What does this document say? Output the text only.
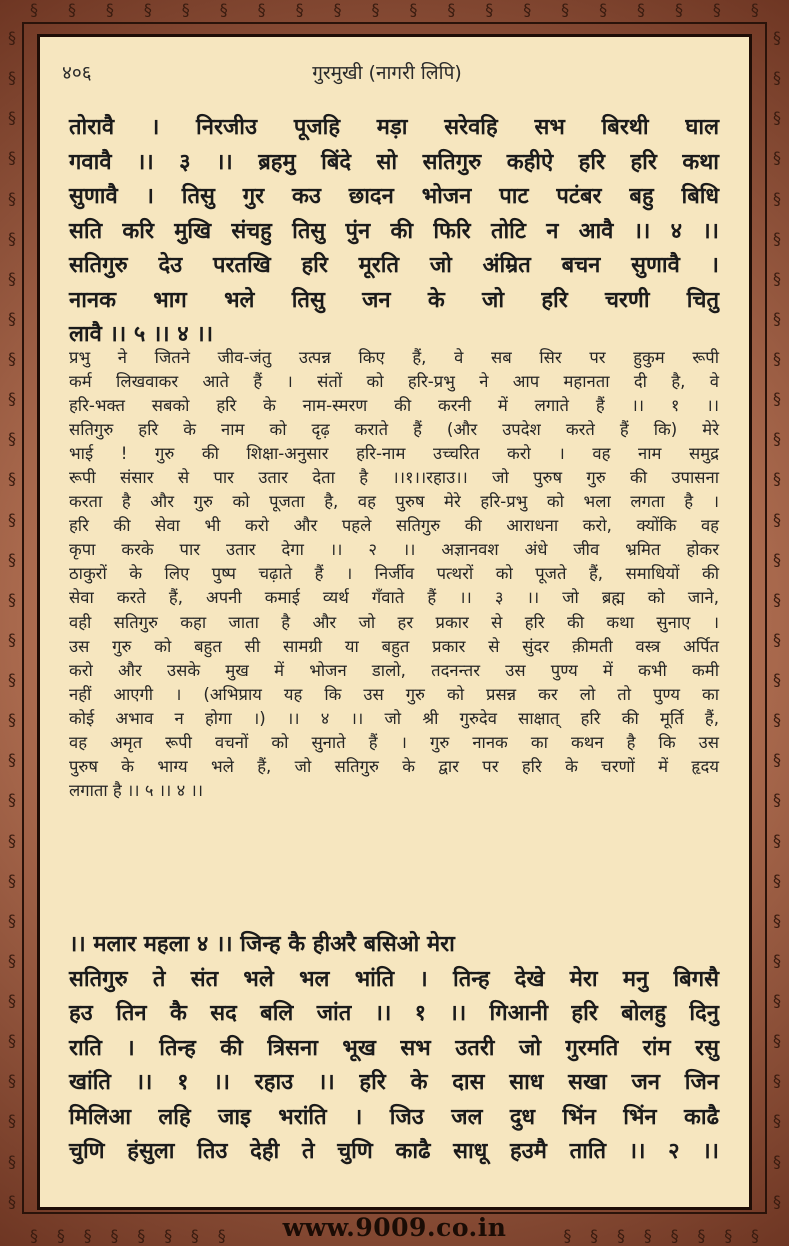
§ § § § § § § § § § § § § § § § § § § §
§
§
§
§
§
§
§
§
§
§
§
§
§
§
§
§
§
§
§
§
§
§
§
§
§
§
§
§
§
§
§
§
§
§
§
§
§
§
§
§
§
§
§
§
§
§
§
§
§
§
§
§
§
§
§
§
§
§
§
§
§ § § § § § § §	§ § § § § § § §
४०६	गुरमुखी (नागरी लिपि)
तोरावै । निरजीउ पूजहि मड़ा सरेवहि सभ बिरथी घाल
गवावै ।। ३ ।। ब्रहमु बिंदे सो सतिगुरु कहीऐ हरि हरि कथा
सुणावै । तिसु गुर कउ छादन भोजन पाट पटंबर बहु बिधि
सति करि मुखि संचहु तिसु पुंन की फिरि तोटि न आवै ।। ४ ।।
सतिगुरु देउ परतखि हरि मूरति जो अंम्रित बचन सुणावै ।
नानक भाग भले तिसु जन के जो हरि चरणी चितु
लावै ।। ५ ।। ४ ।।
प्रभु ने जितने जीव-जंतु उत्पन्न किए हैं, वे सब सिर पर हुकुम रूपी
कर्म लिखवाकर आते हैं । संतों को हरि-प्रभु ने आप महानता दी है, वे
हरि-भक्त सबको हरि के नाम-स्मरण की करनी में लगाते हैं ।। १ ।।
सतिगुरु हरि के नाम को दृढ़ कराते हैं (और उपदेश करते हैं कि) मेरे
भाई ! गुरु की शिक्षा-अनुसार हरि-नाम उच्चरित करो । वह नाम समुद्र
रूपी संसार से पार उतार देता है ।।१।।रहाउ।। जो पुरुष गुरु की उपासना
करता है और गुरु को पूजता है, वह पुरुष मेरे हरि-प्रभु को भला लगता है ।
हरि की सेवा भी करो और पहले सतिगुरु की आराधना करो, क्योंकि वह
कृपा करके पार उतार देगा ।। २ ।। अज्ञानवश अंधे जीव भ्रमित होकर
ठाकुरों के लिए पुष्प चढ़ाते हैं । निर्जीव पत्थरों को पूजते हैं, समाधियों की
सेवा करते हैं, अपनी कमाई व्यर्थ गँवाते हैं ।। ३ ।। जो ब्रह्म को जाने,
वही सतिगुरु कहा जाता है और जो हर प्रकार से हरि की कथा सुनाए ।
उस गुरु को बहुत सी सामग्री या बहुत प्रकार से सुंदर क़ीमती वस्त्र अर्पित
करो और उसके मुख में भोजन डालो, तदनन्तर उस पुण्य में कभी कमी
नहीं आएगी । (अभिप्राय यह कि उस गुरु को प्रसन्न कर लो तो पुण्य का
कोई अभाव न होगा ।) ।। ४ ।। जो श्री गुरुदेव साक्षात् हरि की मूर्ति हैं,
वह अमृत रूपी वचनों को सुनाते हैं । गुरु नानक का कथन है कि उस
पुरुष के भाग्य भले हैं, जो सतिगुरु के द्वार पर हरि के चरणों में हृदय
लगाता है ।। ५ ।। ४ ।।
।। मलार महला ४ ।। जिन्ह कै हीअरै बसिओ मेरा
सतिगुरु ते संत भले भल भांति । तिन्ह देखे मेरा मनु बिगसै
हउ तिन कै सद बलि जांत ।। १ ।। गिआनी हरि बोलहु दिनु
राति । तिन्ह की त्रिसना भूख सभ उतरी जो गुरमति रांम रसु
खांति ।। १ ।। रहाउ ।। हरि के दास साध सखा जन जिन
मिलिआ लहि जाइ भरांति । जिउ जल दुध भिंन भिंन काढै
चुणि हंसुला तिउ देही ते चुणि काढै साधू हउमै ताति ।। २ ।।
www.9009.co.in
